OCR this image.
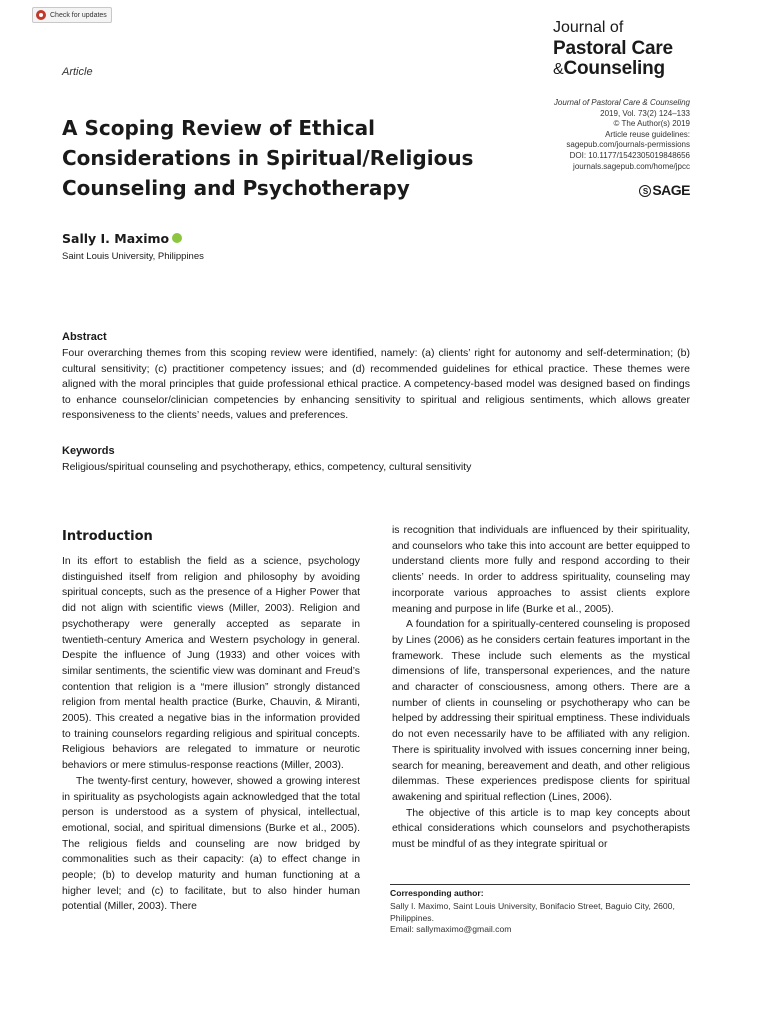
Check for updates
Article
Journal of
Pastoral Care
&Counseling
Journal of Pastoral Care & Counseling
2019, Vol. 73(2) 124–133
© The Author(s) 2019
Article reuse guidelines:
sagepub.com/journals-permissions
DOI: 10.1177/1542305019848656
journals.sagepub.com/home/jpcc
S SAGE
A Scoping Review of Ethical Considerations in Spiritual/Religious Counseling and Psychotherapy
Sally I. Maximo
Saint Louis University, Philippines
Abstract

Four overarching themes from this scoping review were identified, namely: (a) clients’ right for autonomy and self-determination; (b) cultural sensitivity; (c) practitioner competency issues; and (d) recommended guidelines for ethical practice. These themes were aligned with the moral principles that guide professional ethical practice. A competency-based model was designed based on findings to enhance counselor/clinician competencies by enhancing sensitivity to spiritual and religious sentiments, which allows greater responsiveness to the clients’ needs, values and preferences.

Keywords
Religious/spiritual counseling and psychotherapy, ethics, competency, cultural sensitivity
Introduction

In its effort to establish the field as a science, psychology distinguished itself from religion and philosophy by avoiding spiritual concepts, such as the presence of a Higher Power that did not align with scientific views (Miller, 2003). Religion and psychotherapy were generally accepted as separate in twentieth-century America and Western psychology in general. Despite the influence of Jung (1933) and other voices with similar sentiments, the scientific view was dominant and Freud’s contention that religion is a “mere illusion” strongly distanced religion from mental health practice (Burke, Chauvin, & Miranti, 2005). This created a negative bias in the information provided to training counselors regarding religious and spiritual concepts. Religious behaviors are relegated to immature or neurotic behaviors or mere stimulus-response reactions (Miller, 2003).

The twenty-first century, however, showed a growing interest in spirituality as psychologists again acknowledged that the total person is understood as a system of physical, intellectual, emotional, social, and spiritual dimensions (Burke et al., 2005). The religious fields and counseling are now bridged by commonalities such as their capacity: (a) to effect change in people; (b) to develop maturity and human functioning at a higher level; and (c) to facilitate, but to also hinder human potential (Miller, 2003). There

is recognition that individuals are influenced by their spirituality, and counselors who take this into account are better equipped to understand clients more fully and respond according to their clients’ needs. In order to address spirituality, counseling may incorporate various approaches to assist clients explore meaning and purpose in life (Burke et al., 2005).

A foundation for a spiritually-centered counseling is proposed by Lines (2006) as he considers certain features important in the framework. These include such elements as the mystical dimensions of life, transpersonal experiences, and the nature and character of consciousness, among others. There are a number of clients in counseling or psychotherapy who can be helped by addressing their spiritual emptiness. These individuals do not even necessarily have to be affiliated with any religion. There is spirituality involved with issues concerning inner being, search for meaning, bereavement and death, and other religious dilemmas. These experiences predispose clients for spiritual awakening and spiritual reflection (Lines, 2006).

The objective of this article is to map key concepts about ethical considerations which counselors and psychotherapists must be mindful of as they integrate spiritual or

Corresponding author:
Sally I. Maximo, Saint Louis University, Bonifacio Street, Baguio City, 2600, Philippines.
Email: sallymaximo@gmail.com
